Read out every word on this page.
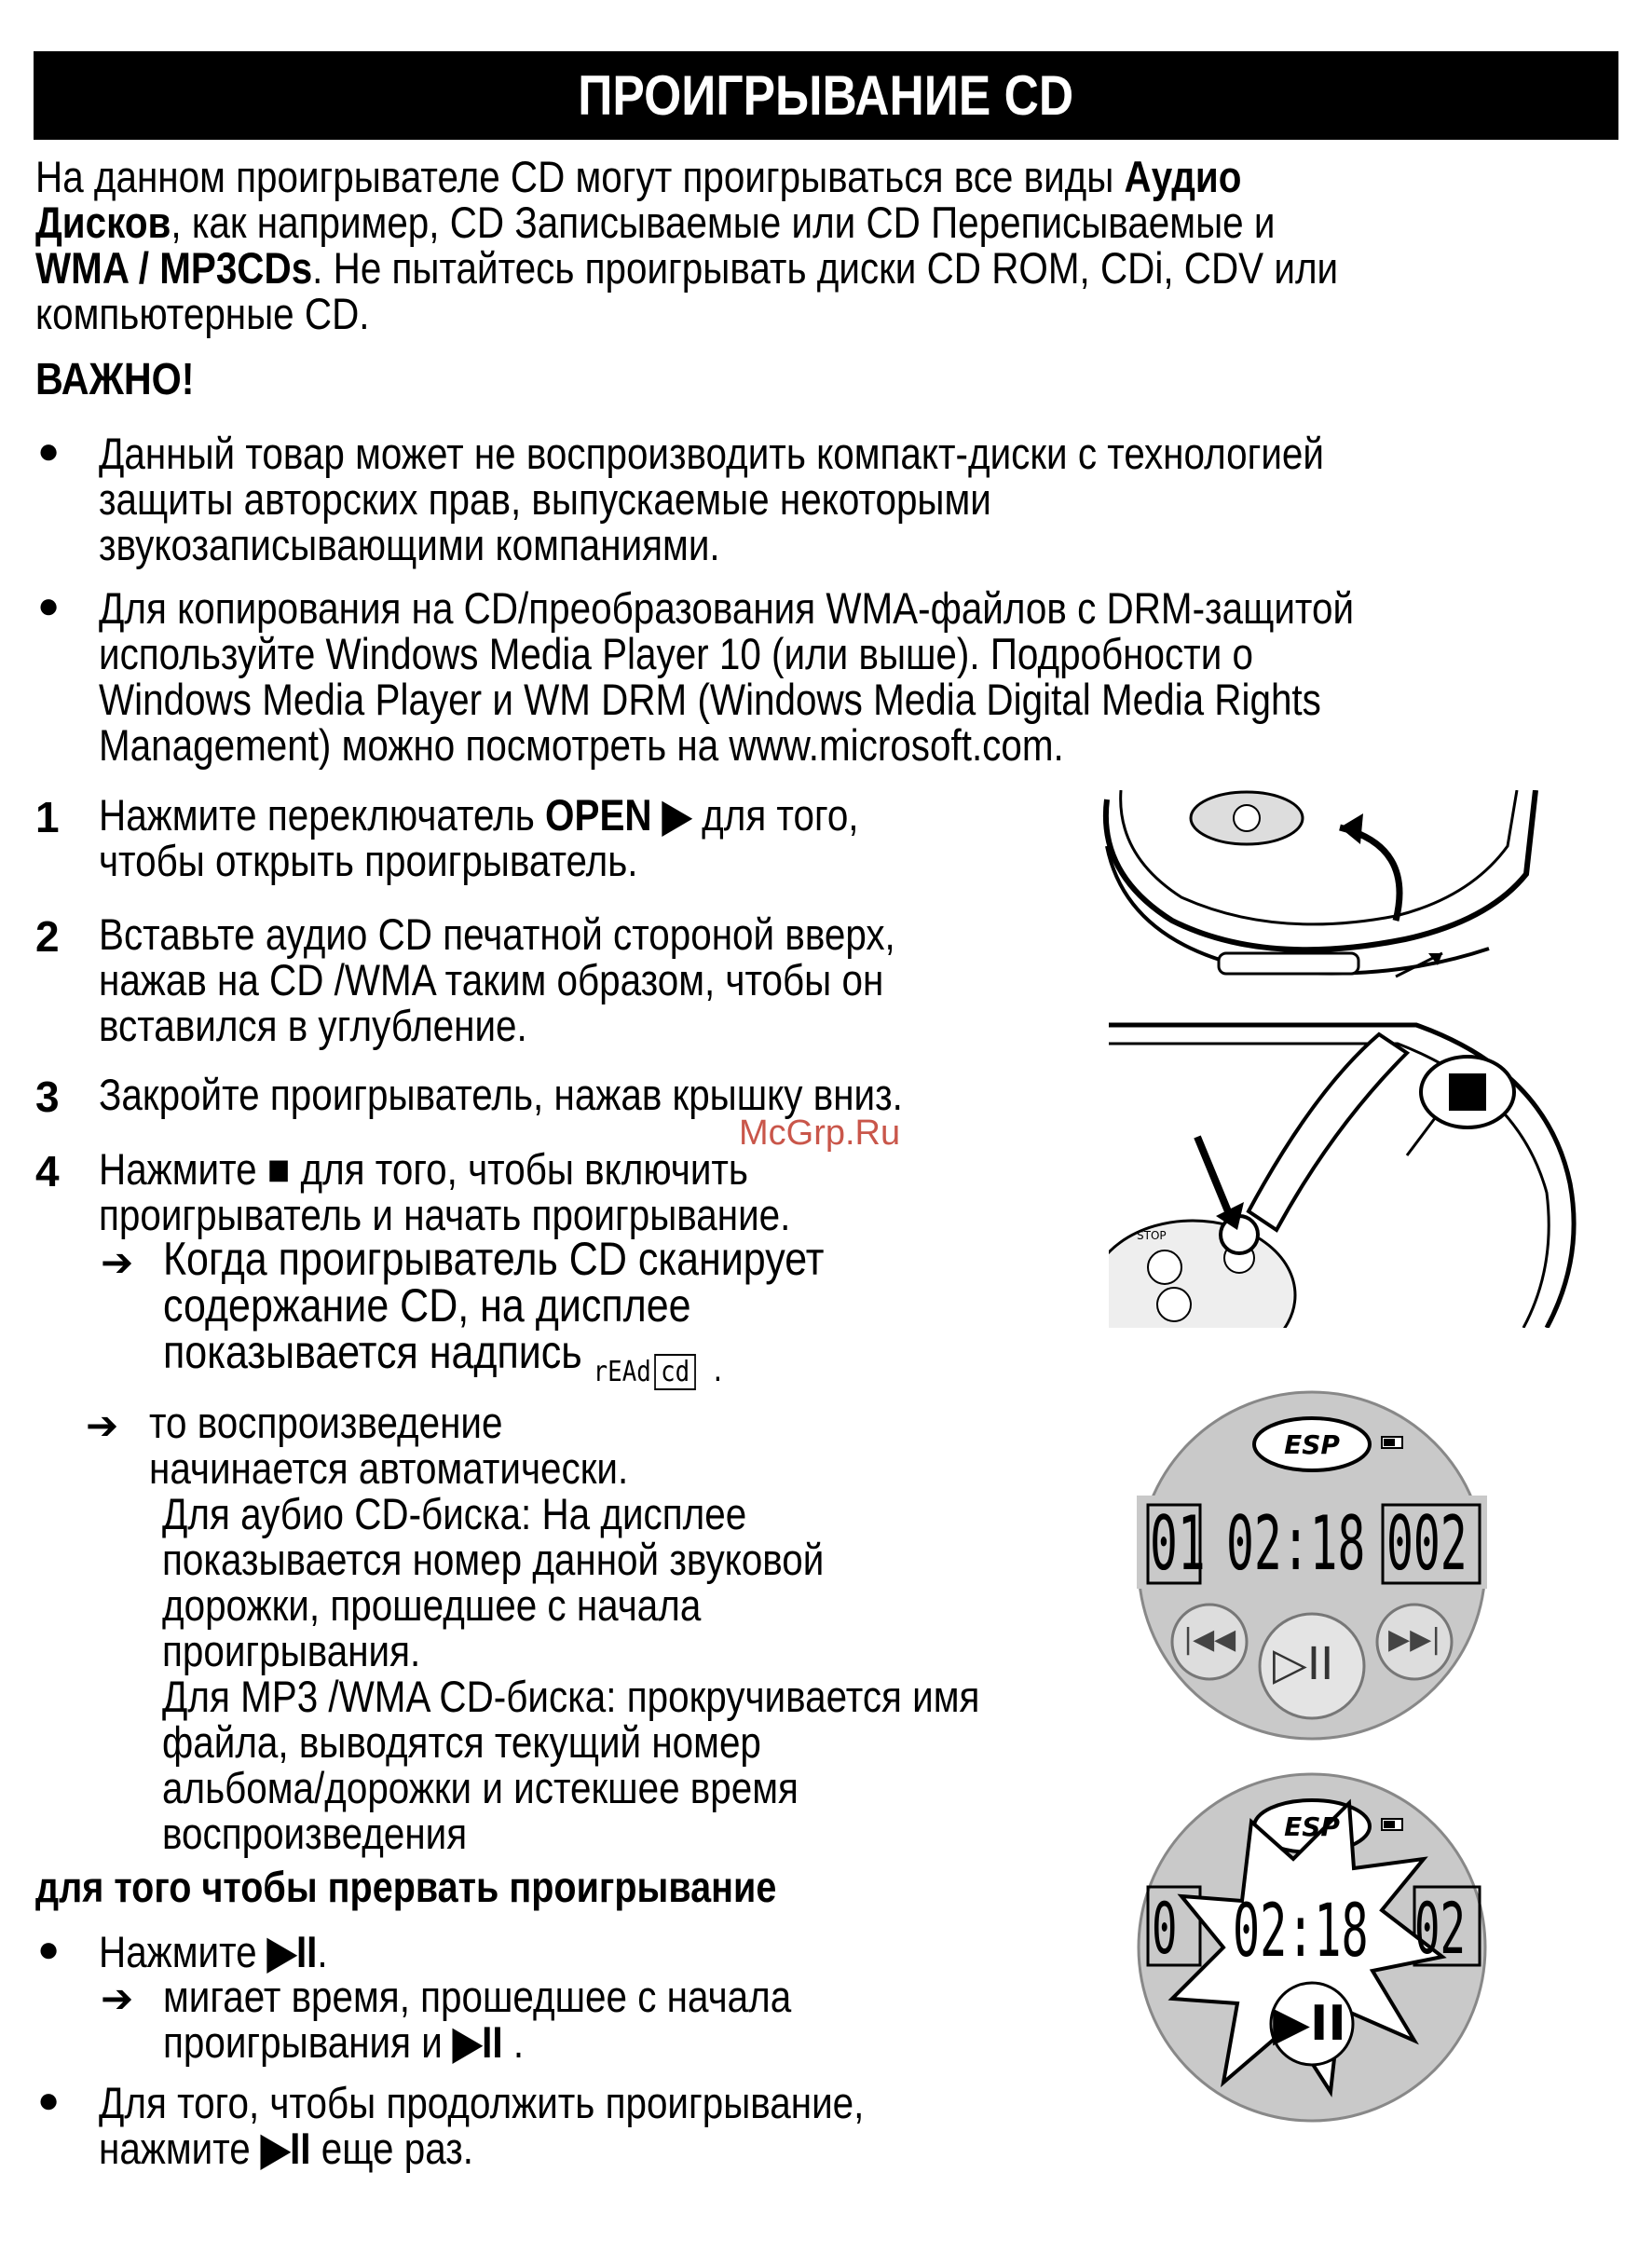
ПРОИГРЫВАНИЕ CD
На данном проигрывателе CD могут проигрываться все виды Аудио
Дисков, как например, CD Записываемые или CD Переписываемые и
WMA / MP3CDs. Не пытайтесь проигрывать диски CD ROM, CDi, CDV или
компьютерные CD.
ВАЖНО!
● Данный товар может не воспроизводить компакт-диски с технологией
защиты авторских прав, выпускаемые некоторыми
звукозаписывающими компаниями.
● Для копирования на CD/преобразования WMA-файлов с DRM-защитой
используйте Windows Media Player 10 (или выше). Подробности о
Windows Media Player и WM DRM (Windows Media Digital Media Rights
Management) можно посмотреть на www.microsoft.com.
1 Нажмите переключатель OPEN ▶ для того,
чтобы открыть проигрыватель.
2 Вставьте аудио CD печатной стороной вверх,
нажав на CD /WMA таким образом, чтобы он
вставился в углубление.
3 Закройте проигрыватель, нажав крышку вниз.
4 Нажмите ■ для того, чтобы включить
проигрыватель и начать проигрывание.
➔ Когда проигрыватель CD сканирует
содержание CD, на дисплее
показывается надпись rEAd cd .
➔ то воспроизведение
начинается автоматически.
Для аубио CD-биска: На дисплее
показывается номер данной звуковой
дорожки, прошедшее с начала
проигрывания.
Для MP3 /WMA CD-биска: прокручивается имя
файла, выводятся текущий номер
альбома/дорожки и истекшее время
воспроизведения
для того чтобы прервать проигрывание
● Нажмите ▶II.
➔ мигает время, прошедшее с начала
проигрывания и ▶II .
● Для того, чтобы продолжить проигрывание,
нажмите ▶II еще раз.
McGrp.Ru
STOP
ESP
01 02:18 002
|◀◀ ▷II ▶▶|
ESP
0 02:18 02
▶II
